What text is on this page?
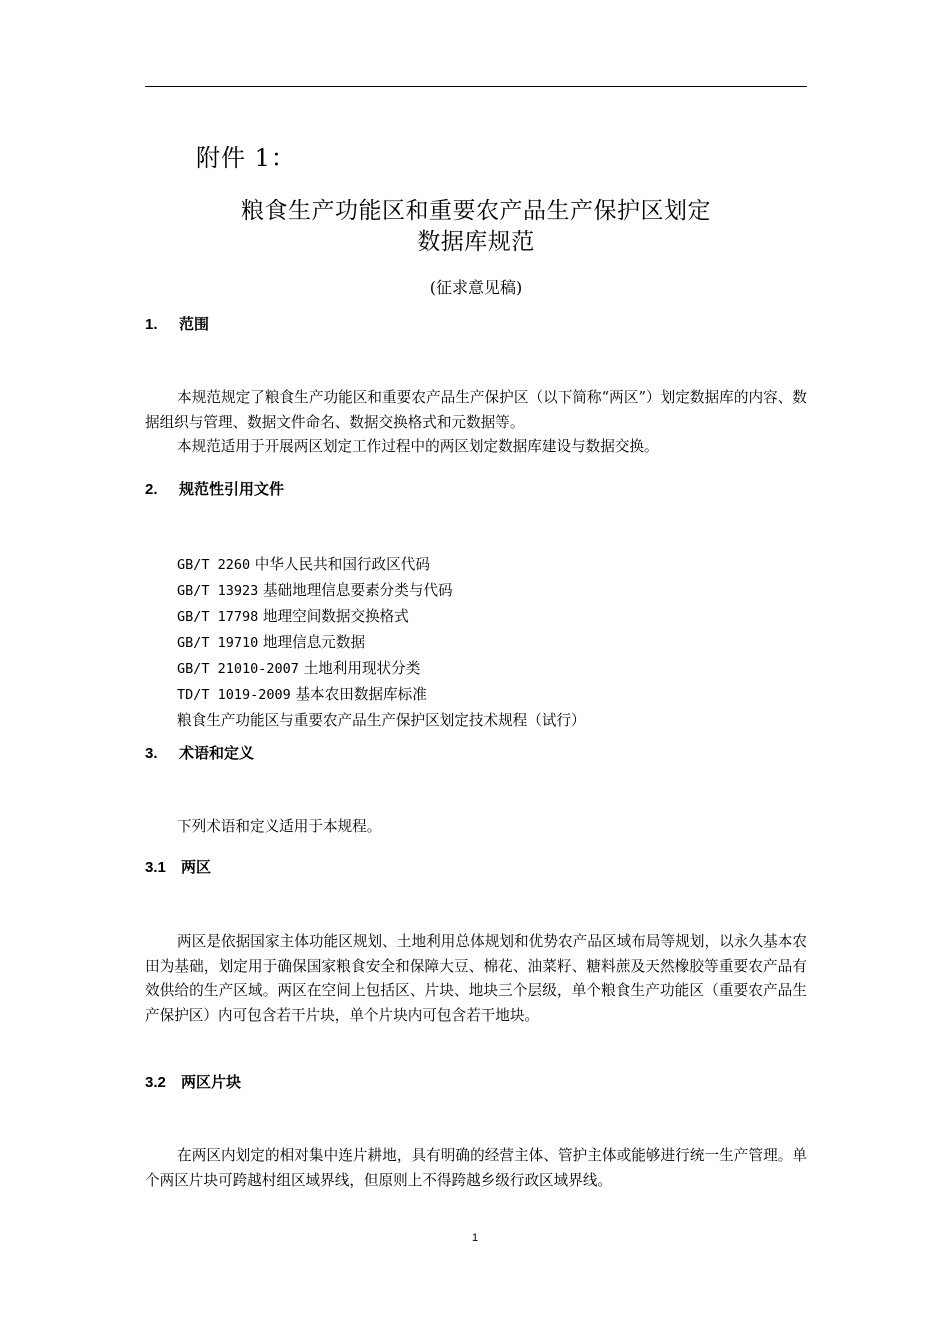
附件 1：
粮食生产功能区和重要农产品生产保护区划定
数据库规范
(征求意见稿)
1. 范围
本规范规定了粮食生产功能区和重要农产品生产保护区（以下简称“两区”）划定数据库的内容、数据组织与管理、数据文件命名、数据交换格式和元数据等。
本规范适用于开展两区划定工作过程中的两区划定数据库建设与数据交换。
2. 规范性引用文件
GB/T 2260 中华人民共和国行政区代码
GB/T 13923 基础地理信息要素分类与代码
GB/T 17798 地理空间数据交换格式
GB/T 19710 地理信息元数据
GB/T 21010-2007 土地利用现状分类
TD/T 1019-2009 基本农田数据库标准
粮食生产功能区与重要农产品生产保护区划定技术规程（试行）
3. 术语和定义
下列术语和定义适用于本规程。
3.1 两区
两区是依据国家主体功能区规划、土地利用总体规划和优势农产品区域布局等规划，以永久基本农田为基础，划定用于确保国家粮食安全和保障大豆、棉花、油菜籽、糖料蔗及天然橡胶等重要农产品有效供给的生产区域。两区在空间上包括区、片块、地块三个层级，单个粮食生产功能区（重要农产品生产保护区）内可包含若干片块，单个片块内可包含若干地块。
3.2 两区片块
在两区内划定的相对集中连片耕地，具有明确的经营主体、管护主体或能够进行统一生产管理。单个两区片块可跨越村组区域界线，但原则上不得跨越乡级行政区域界线。
1
